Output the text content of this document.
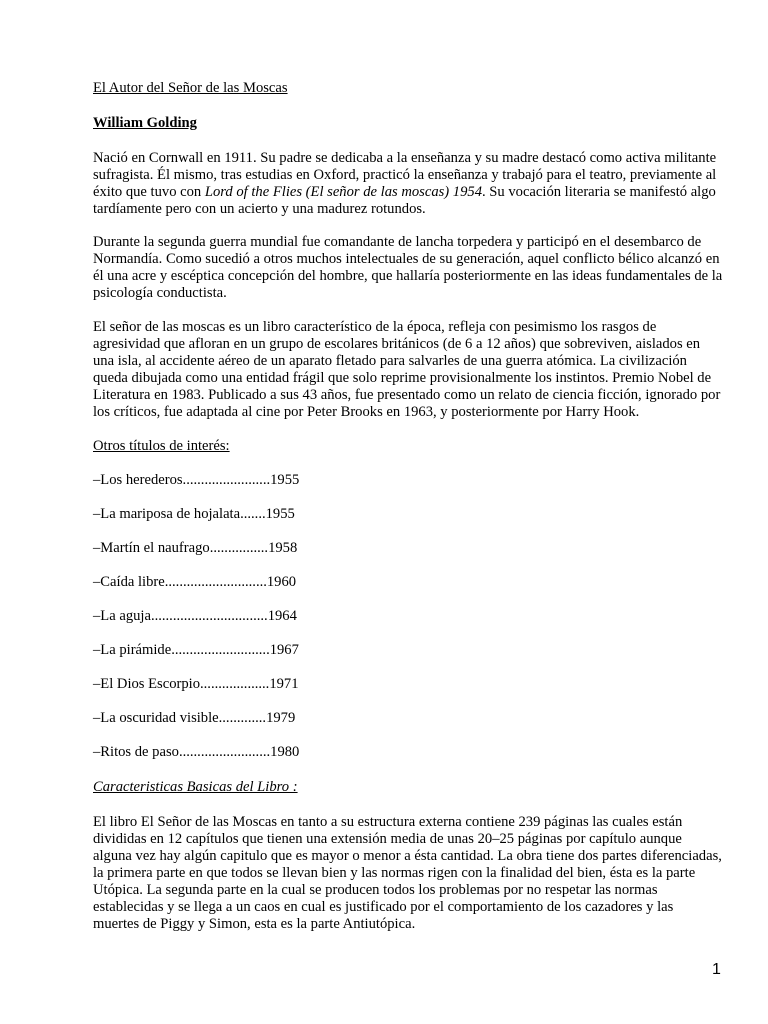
El Autor del Señor de las Moscas

William Golding

Nació en Cornwall en 1911. Su padre se dedicaba a la enseñanza y su madre destacó como activa militante sufragista. Él mismo, tras estudias en Oxford, practicó la enseñanza y trabajó para el teatro, previamente al éxito que tuvo con Lord of the Flies (El señor de las moscas) 1954. Su vocación literaria se manifestó algo tardíamente pero con un acierto y una madurez rotundos.

Durante la segunda guerra mundial fue comandante de lancha torpedera y participó en el desembarco de Normandía. Como sucedió a otros muchos intelectuales de su generación, aquel conflicto bélico alcanzó en él una acre y escéptica concepción del hombre, que hallaría posteriormente en las ideas fundamentales de la psicología conductista.

El señor de las moscas es un libro característico de la época, refleja con pesimismo los rasgos de agresividad que afloran en un grupo de escolares británicos (de 6 a 12 años) que sobreviven, aislados en una isla, al accidente aéreo de un aparato fletado para salvarles de una guerra atómica. La civilización queda dibujada como una entidad frágil que solo reprime provisionalmente los instintos. Premio Nobel de Literatura en 1983. Publicado a sus 43 años, fue presentado como un relato de ciencia ficción, ignorado por los críticos, fue adaptada al cine por Peter Brooks en 1963, y posteriormente por Harry Hook.

Otros títulos de interés:

–Los herederos........................1955
–La mariposa de hojalata.......1955
–Martín el naufrago................1958
–Caída libre............................1960
–La aguja................................1964
–La pirámide...........................1967
–El Dios Escorpio...................1971
–La oscuridad visible.............1979
–Ritos de paso.........................1980

Caracteristicas Basicas del Libro :

El libro El Señor de las Moscas en tanto a su estructura externa contiene 239 páginas las cuales están divididas en 12 capítulos que tienen una extensión media de unas 20–25 páginas por capítulo aunque alguna vez hay algún capitulo que es mayor o menor a ésta cantidad. La obra tiene dos partes diferenciadas, la primera parte en que todos se llevan bien y las normas rigen con la finalidad del bien, ésta es la parte Utópica. La segunda parte en la cual se producen todos los problemas por no respetar las normas establecidas y se llega a un caos en cual es justificado por el comportamiento de los cazadores y las muertes de Piggy y Simon, esta es la parte Antiutópica.

1
